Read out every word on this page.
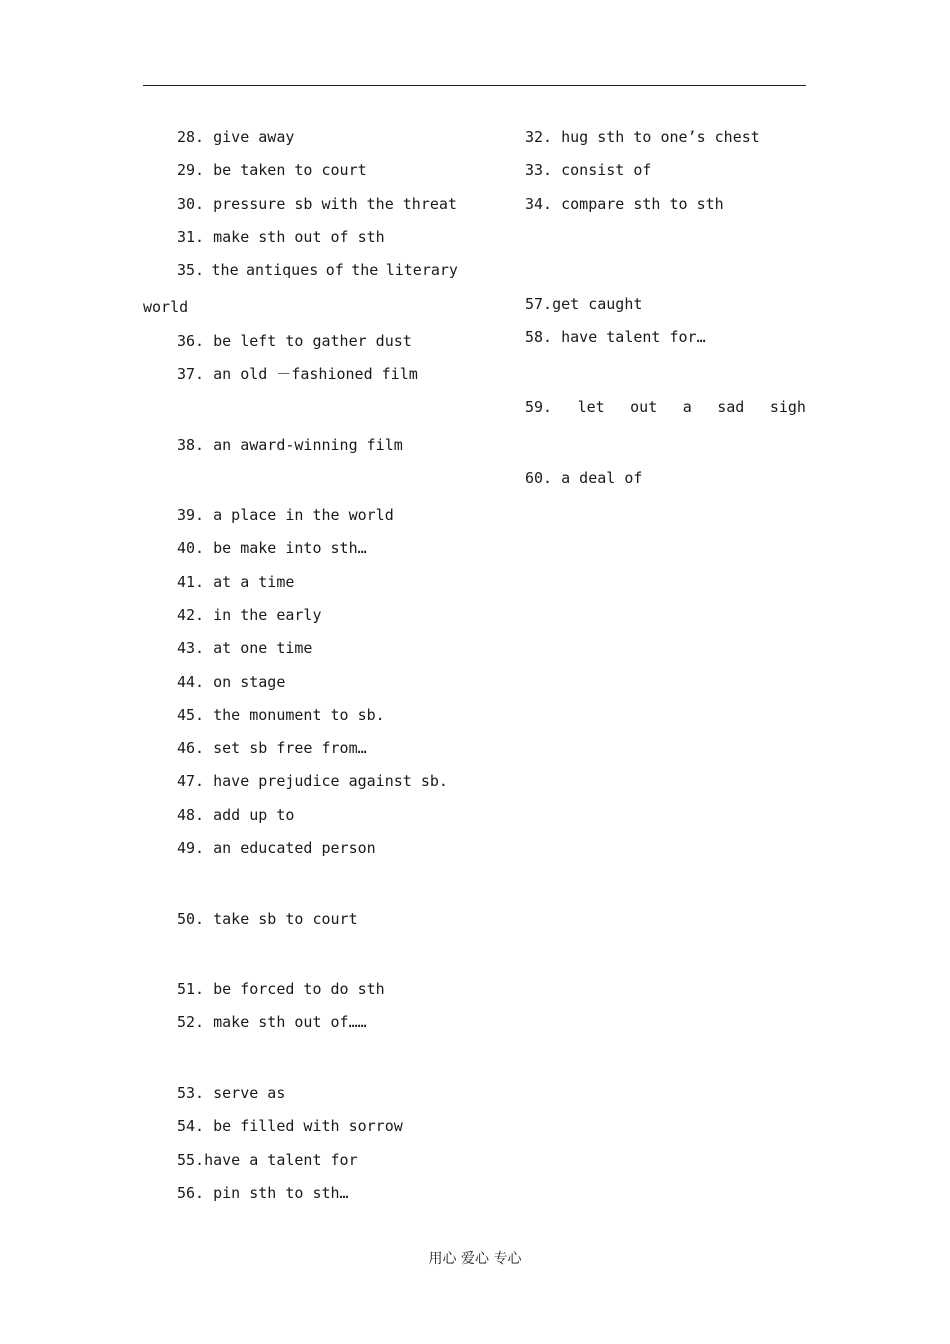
28. give away
29. be taken to court
30. pressure sb with the threat
31. make sth out of sth
35. the antiques of the literary
world
36. be left to gather dust
37. an old －fashioned film
38. an award-winning film
39. a place in the world
40. be make into sth…
41. at a time
42. in the early
43. at one time
44. on stage
45. the monument to sb.
46. set sb free from…
47. have prejudice against sb.
48. add up to
49. an educated person
50. take sb to court
51. be forced to do sth
52. make sth out of……
53. serve as
54. be filled with sorrow
55.have a talent for
56. pin sth to sth…
32. hug sth to one’s chest
33. consist of
34. compare sth to sth
57.get caught
58. have talent for…
59. let out a sad sigh
60. a deal of
用心 爱心 专心
